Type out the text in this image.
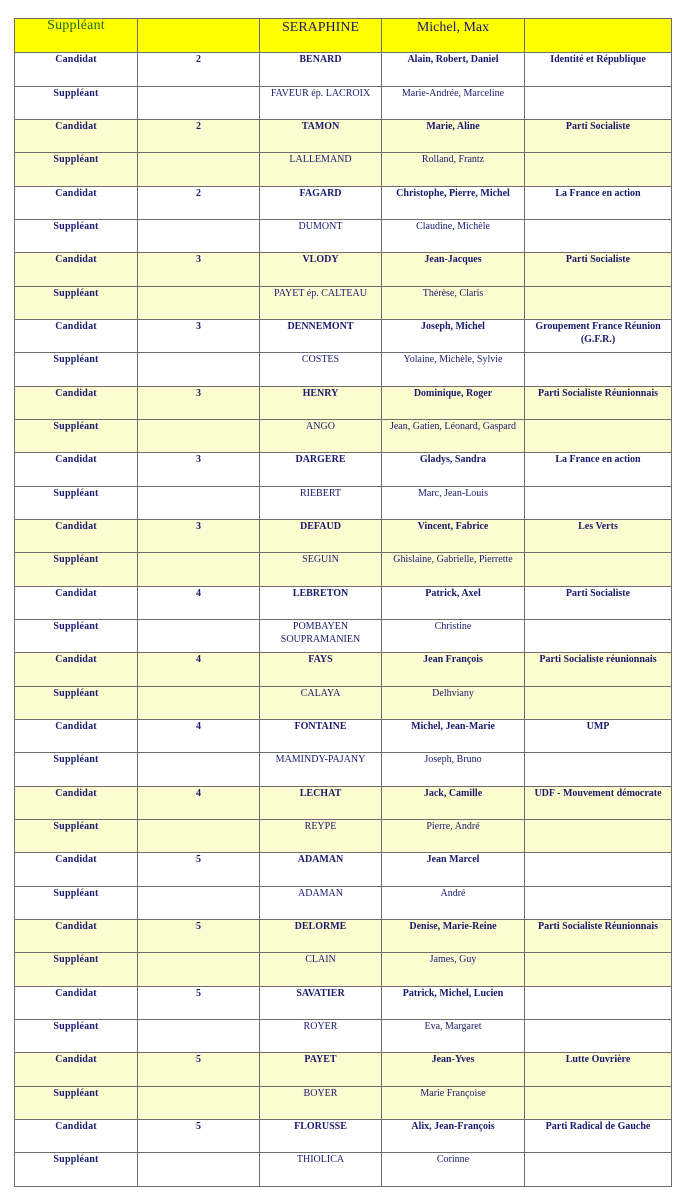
Suppléant		SERAPHINE	Michel, Max	
Candidat	2	BENARD	Alain, Robert, Daniel	Identité et République
Suppléant		FAVEUR ép. LACROIX	Marie-Andrée, Marceline	
Candidat	2	TAMON	Marie, Aline	Parti Socialiste
Suppléant		LALLEMAND	Rolland, Frantz	
Candidat	2	FAGARD	Christophe, Pierre, Michel	La France en action
Suppléant		DUMONT	Claudine, Michèle	
Candidat	3	VLODY	Jean-Jacques	Parti Socialiste
Suppléant		PAYET ép. CALTEAU	Thérèse, Claris	
Candidat	3	DENNEMONT	Joseph, Michel	Groupement France Réunion (G.F.R.)
Suppléant		COSTES	Yolaine, Michèle, Sylvie	
Candidat	3	HENRY	Dominique, Roger	Parti Socialiste Réunionnais
Suppléant		ANGO	Jean, Gatien, Léonard, Gaspard	
Candidat	3	DARGERE	Gladys, Sandra	La France en action
Suppléant		RIEBERT	Marc, Jean-Louis	
Candidat	3	DEFAUD	Vincent, Fabrice	Les Verts
Suppléant		SEGUIN	Ghislaine, Gabrielle, Pierrette	
Candidat	4	LEBRETON	Patrick, Axel	Parti Socialiste
Suppléant		POMBAYEN SOUPRAMANIEN	Christine	
Candidat	4	FAYS	Jean François	Parti Socialiste réunionnais
Suppléant		CALAYA	Delhviany	
Candidat	4	FONTAINE	Michel, Jean-Marie	UMP
Suppléant		MAMINDY-PAJANY	Joseph, Bruno	
Candidat	4	LECHAT	Jack, Camille	UDF - Mouvement démocrate
Suppléant		REYPE	Pierre, André	
Candidat	5	ADAMAN	Jean Marcel	
Suppléant		ADAMAN	André	
Candidat	5	DELORME	Denise, Marie-Reine	Parti Socialiste Réunionnais
Suppléant		CLAIN	James, Guy	
Candidat	5	SAVATIER	Patrick, Michel, Lucien	
Suppléant		ROYER	Eva, Margaret	
Candidat	5	PAYET	Jean-Yves	Lutte Ouvrière
Suppléant		BOYER	Marie Françoise	
Candidat	5	FLORUSSE	Alix, Jean-François	Parti Radical de Gauche
Suppléant		THIOLICA	Corinne	
